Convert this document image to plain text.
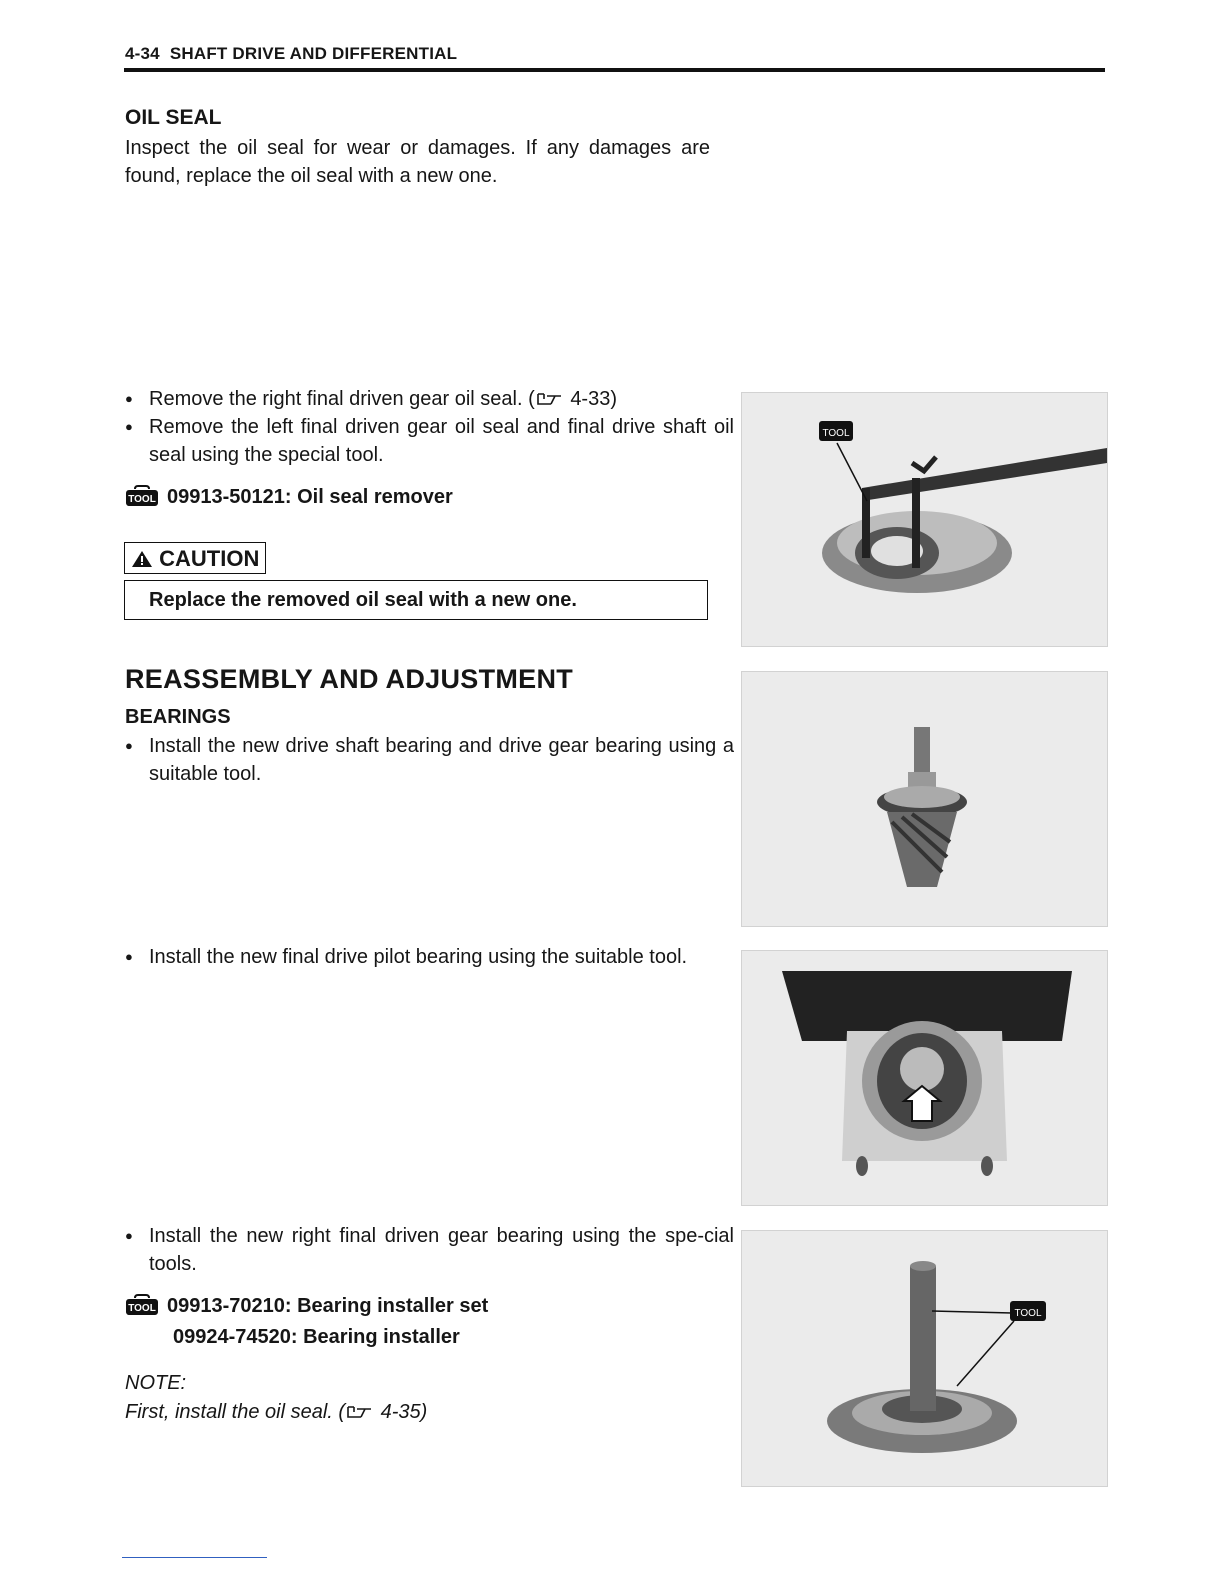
4-34 SHAFT DRIVE AND DIFFERENTIAL
OIL SEAL
Inspect the oil seal for wear or damages. If any damages are found, replace the oil seal with a new one.
● Remove the right final driven gear oil seal. ( 4-33)
● Remove the left final driven gear oil seal and final drive shaft oil seal using the special tool.
TOOL 09913-50121: Oil seal remover
CAUTION
Replace the removed oil seal with a new one.
REASSEMBLY AND ADJUSTMENT
BEARINGS
● Install the new drive shaft bearing and drive gear bearing using a suitable tool.
● Install the new final drive pilot bearing using the suitable tool.
● Install the new right final driven gear bearing using the spe-cial tools.
TOOL 09913-70210: Bearing installer set
09924-74520: Bearing installer
NOTE:
First, install the oil seal. ( 4-35)
TOOL
TOOL
